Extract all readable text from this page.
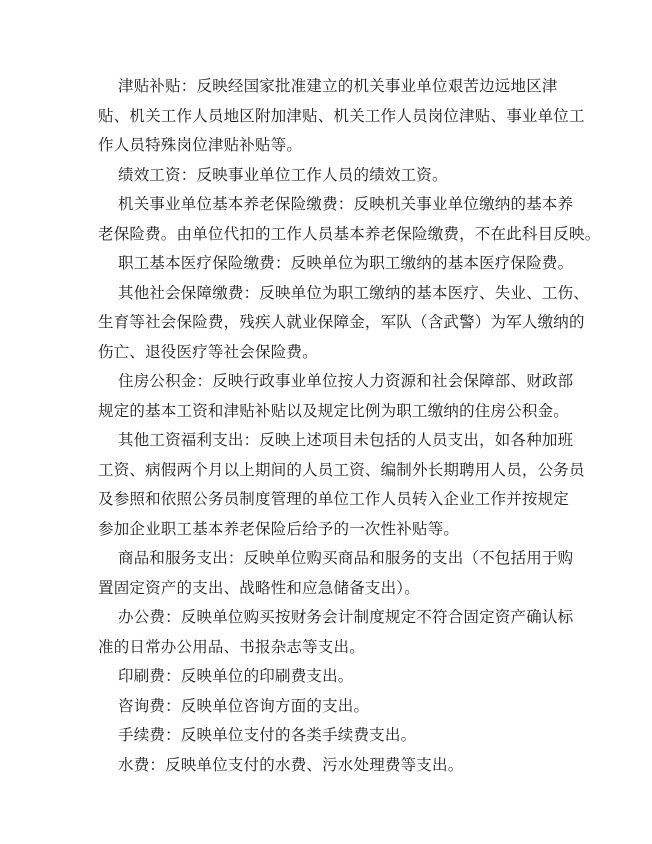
津贴补贴：反映经国家批准建立的机关事业单位艰苦边远地区津
贴、机关工作人员地区附加津贴、机关工作人员岗位津贴、事业单位工
作人员特殊岗位津贴补贴等。
绩效工资：反映事业单位工作人员的绩效工资。
机关事业单位基本养老保险缴费：反映机关事业单位缴纳的基本养
老保险费。由单位代扣的工作人员基本养老保险缴费，不在此科目反映。
职工基本医疗保险缴费：反映单位为职工缴纳的基本医疗保险费。
其他社会保障缴费：反映单位为职工缴纳的基本医疗、失业、工伤、
生育等社会保险费，残疾人就业保障金，军队（含武警）为军人缴纳的
伤亡、退役医疗等社会保险费。
住房公积金：反映行政事业单位按人力资源和社会保障部、财政部
规定的基本工资和津贴补贴以及规定比例为职工缴纳的住房公积金。
其他工资福利支出：反映上述项目未包括的人员支出，如各种加班
工资、病假两个月以上期间的人员工资、编制外长期聘用人员，公务员
及参照和依照公务员制度管理的单位工作人员转入企业工作并按规定
参加企业职工基本养老保险后给予的一次性补贴等。
商品和服务支出：反映单位购买商品和服务的支出（不包括用于购
置固定资产的支出、战略性和应急储备支出）。
办公费：反映单位购买按财务会计制度规定不符合固定资产确认标
准的日常办公用品、书报杂志等支出。
印刷费：反映单位的印刷费支出。
咨询费：反映单位咨询方面的支出。
手续费：反映单位支付的各类手续费支出。
水费：反映单位支付的水费、污水处理费等支出。
